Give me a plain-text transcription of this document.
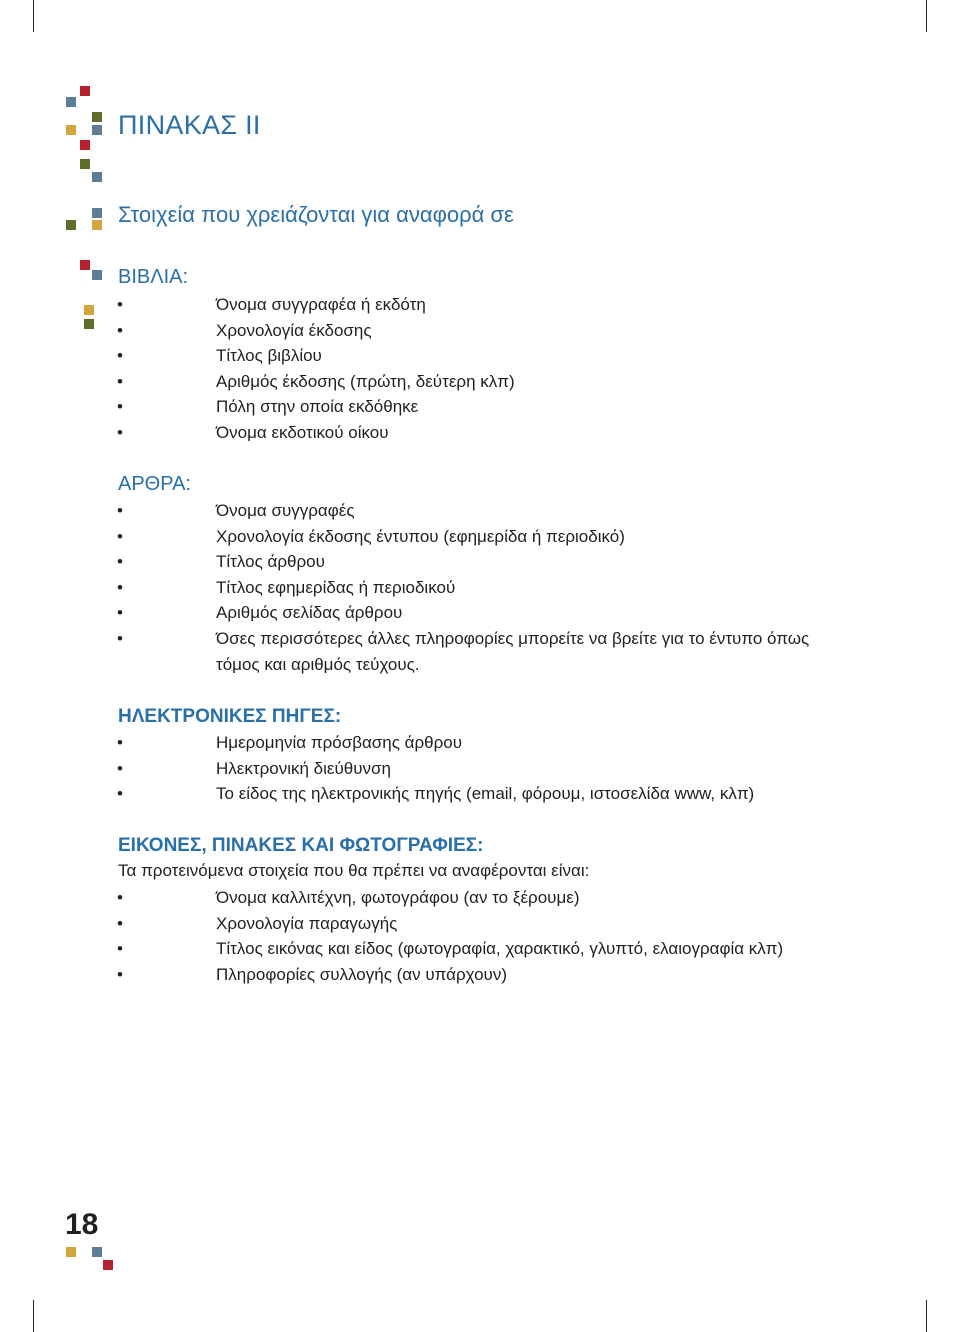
ΠΙΝΑΚΑΣ ΙΙ
Στοιχεία που χρειάζονται για αναφορά σε
ΒΙΒΛΙΑ:
• Όνομα συγγραφέα ή εκδότη
• Χρονολογία έκδοσης
• Τίτλος βιβλίου
• Αριθμός έκδοσης (πρώτη, δεύτερη κλπ)
• Πόλη στην οποία εκδόθηκε
• Όνομα εκδοτικού οίκου
ΑΡΘΡΑ:
• Όνομα συγγραφές
• Χρονολογία έκδοσης έντυπου (εφημερίδα ή περιοδικό)
• Τίτλος άρθρου
• Τίτλος εφημερίδας ή περιοδικού
• Αριθμός σελίδας άρθρου
• Όσες περισσότερες άλλες πληροφορίες μπορείτε να βρείτε για το έντυπο όπως τόμος και αριθμός τεύχους.
ΗΛΕΚΤΡΟΝΙΚΕΣ ΠΗΓΕΣ:
• Ημερομηνία πρόσβασης άρθρου
• Ηλεκτρονική διεύθυνση
• Το είδος της ηλεκτρονικής πηγής (email, φόρουμ, ιστοσελίδα www, κλπ)
ΕΙΚΟΝΕΣ, ΠΙΝΑΚΕΣ ΚΑΙ ΦΩΤΟΓΡΑΦΙΕΣ:
Τα προτεινόμενα στοιχεία που θα πρέπει να αναφέρονται είναι:
• Όνομα καλλιτέχνη, φωτογράφου (αν το ξέρουμε)
• Χρονολογία παραγωγής
• Τίτλος εικόνας και είδος (φωτογραφία, χαρακτικό, γλυπτό, ελαιογραφία κλπ)
• Πληροφορίες συλλογής (αν υπάρχουν)
18
